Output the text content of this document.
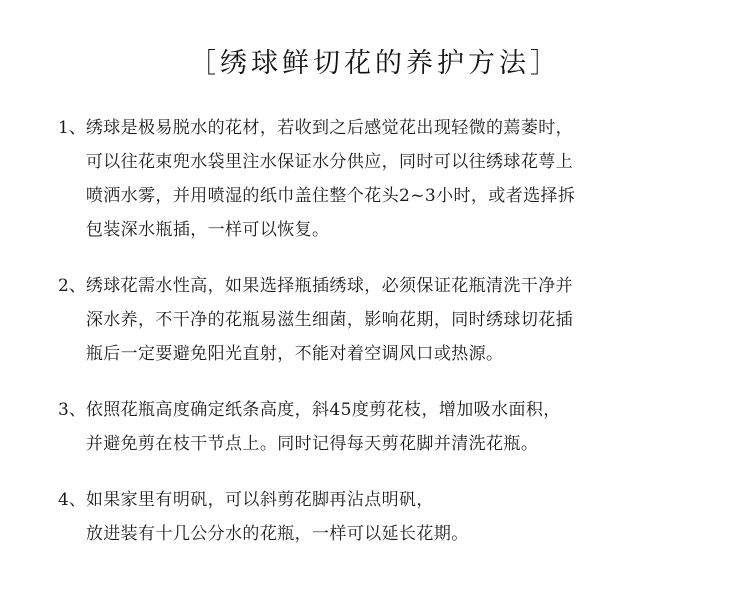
［绣球鲜切花的养护方法］
1、 绣球是极易脱水的花材，若收到之后感觉花出现轻微的蔫萎时，
可以往花束兜水袋里注水保证水分供应，同时可以往绣球花萼上
喷洒水雾，并用喷湿的纸巾盖住整个花头2~3小时，或者选择拆
包装深水瓶插，一样可以恢复。
2、 绣球花需水性高，如果选择瓶插绣球，必须保证花瓶清洗干净并
深水养，不干净的花瓶易滋生细菌，影响花期，同时绣球切花插
瓶后一定要避免阳光直射，不能对着空调风口或热源。
3、 依照花瓶高度确定纸条高度，斜45度剪花枝，增加吸水面积，
并避免剪在枝干节点上。同时记得每天剪花脚并清洗花瓶。
4、 如果家里有明矾，可以斜剪花脚再沾点明矾，
放进装有十几公分水的花瓶，一样可以延长花期。
